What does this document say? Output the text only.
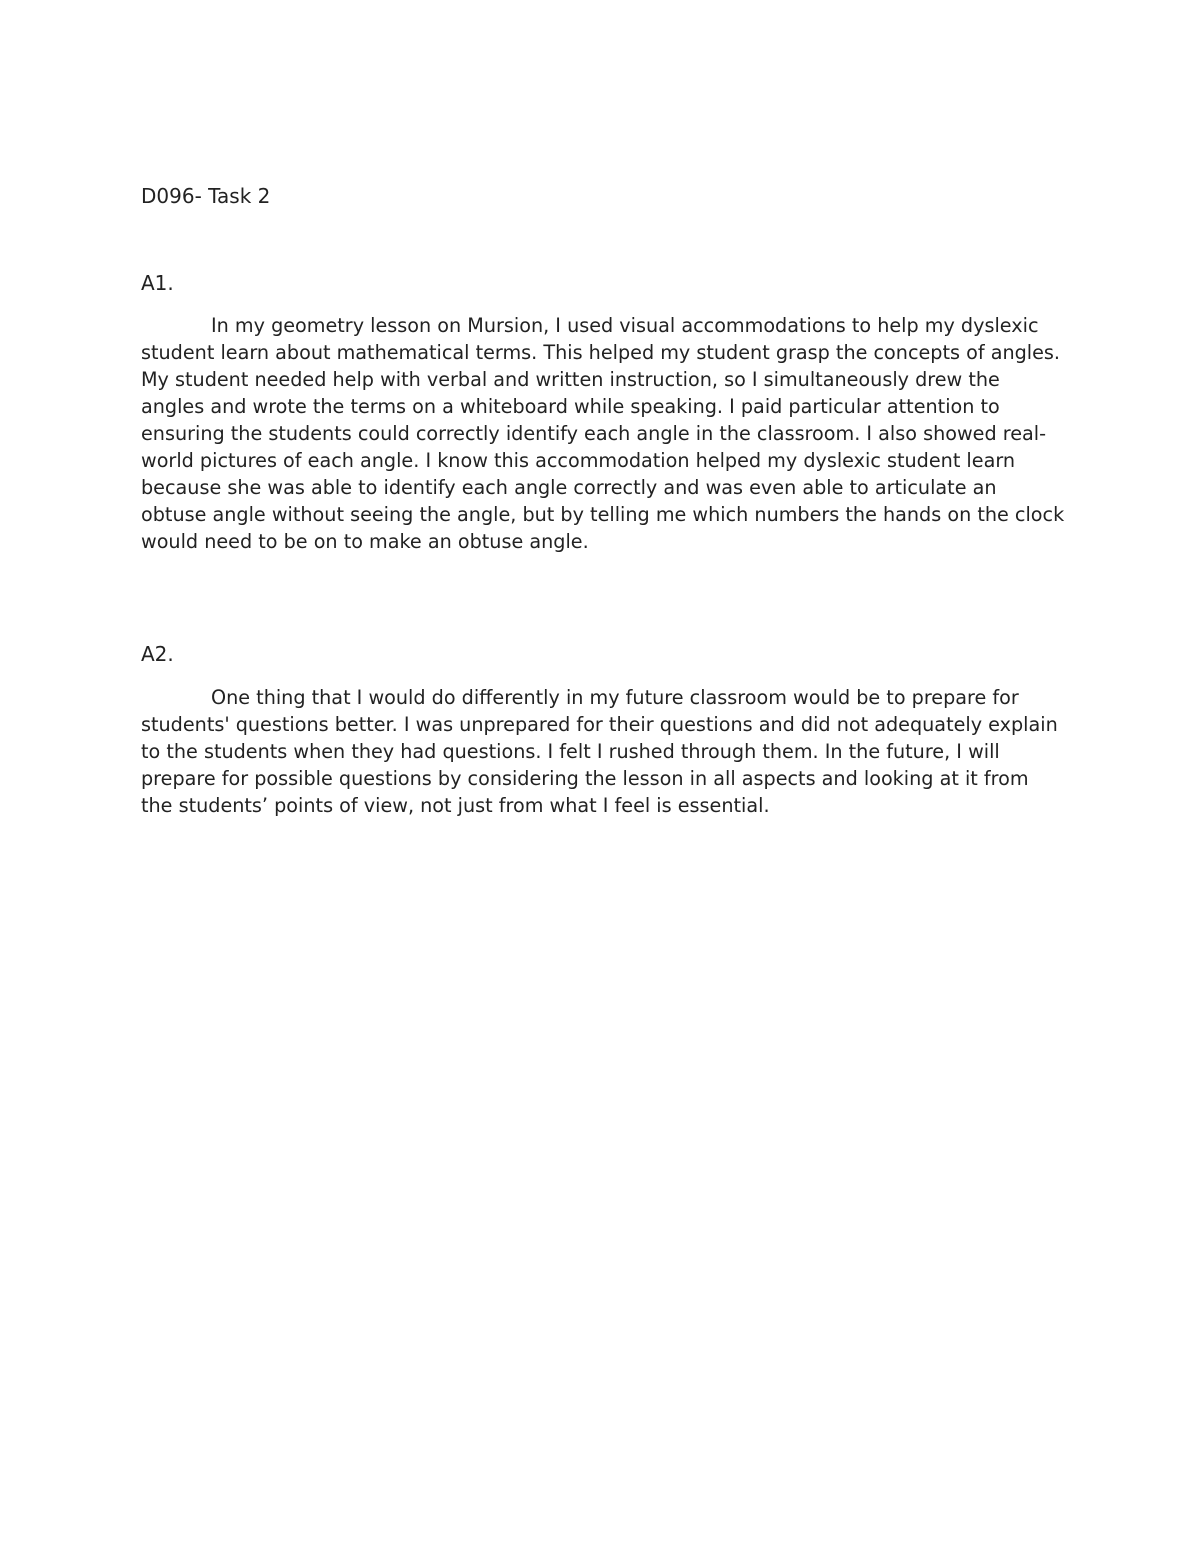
D096- Task 2
A1.

In my geometry lesson on Mursion, I used visual accommodations to help my dyslexic student learn about mathematical terms. This helped my student grasp the concepts of angles. My student needed help with verbal and written instruction, so I simultaneously drew the angles and wrote the terms on a whiteboard while speaking. I paid particular attention to ensuring the students could correctly identify each angle in the classroom. I also showed real-world pictures of each angle. I know this accommodation helped my dyslexic student learn because she was able to identify each angle correctly and was even able to articulate an obtuse angle without seeing the angle, but by telling me which numbers the hands on the clock would need to be on to make an obtuse angle.

A2.

One thing that I would do differently in my future classroom would be to prepare for students' questions better. I was unprepared for their questions and did not adequately explain to the students when they had questions. I felt I rushed through them. In the future, I will prepare for possible questions by considering the lesson in all aspects and looking at it from the students’ points of view, not just from what I feel is essential.
